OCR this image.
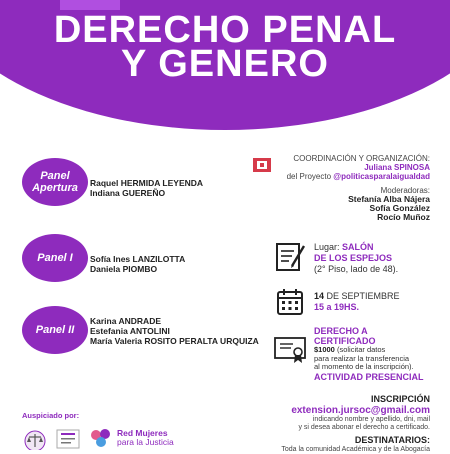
DERECHO PENAL
Y GENERO
Panel
Apertura	Raquel HERMIDA LEYENDA
Indiana GUEREÑO
Panel I	Sofía Ines LANZILOTTA
Daniela PIOMBO
Panel II
Karina ANDRADE
Estefania ANTOLINI
María Valeria ROSITO PERALTA URQUIZA
COORDINACIÓN Y ORGANIZACIÓN:
Juliana SPINOSA
del Proyecto @politicasparalaigualdad
Moderadoras:
Stefanía Alba Nájera
Sofía González
Rocío Muñoz
Lugar: SALÓN
DE LOS ESPEJOS
(2° Piso, lado de 48).
14 DE SEPTIEMBRE
15 a 19HS.
DERECHO A
CERTIFICADO
$1000 (solicitar datos
para realizar la transferencia
al momento de la inscripción).
ACTIVIDAD PRESENCIAL
INSCRIPCIÓN
extension.jursoc@gmail.com
indicando nombre y apellido, dni, mail
y si desea abonar el derecho a certificado.
DESTINATARIOS:
Toda la comunidad Académica y de la Abogacía
Auspiciado por:
Red Mujeres
para la Justicia
